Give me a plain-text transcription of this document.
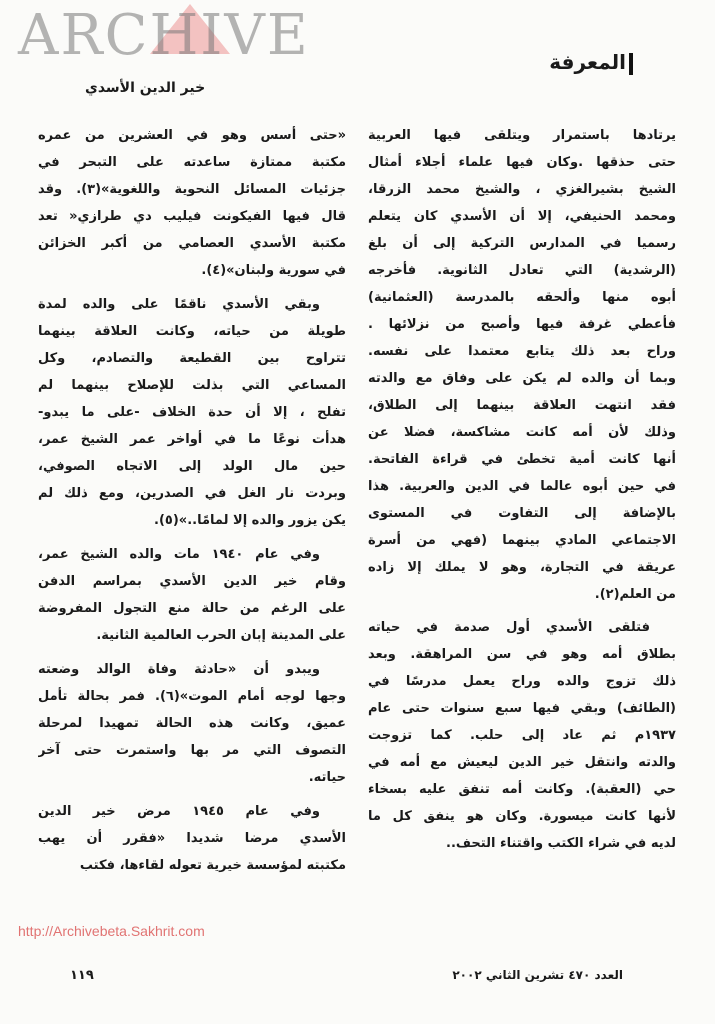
المعرفة
خير الدين الأسدي
يرتادها باستمرار ويتلقى فيها العربية
حتى حذقها .وكان فيها علماء أجلاء أمثال
الشيخ بشيرالغزي ، والشيخ محمد الزرقا،
ومحمد الحنيفي، إلا أن الأسدي كان يتعلم
رسميا في المدارس التركية إلى أن بلغ
(الرشدية) التي تعادل الثانوية. فأخرجه
أبوه منها وألحقه بالمدرسة (العثمانية)
فأعطي غرفة فيها وأصبح من نزلائها .
وراح بعد ذلك يتابع معتمدا على نفسه.
وبما أن والده لم يكن على وفاق مع والدته
فقد انتهت العلاقة بينهما إلى الطلاق،
وذلك لأن أمه كانت مشاكسة، فضلا عن
أنها كانت أمية تخطئ في قراءة الفاتحة.
في حين أبوه عالما في الدين والعربية. هذا
بالإضافة إلى التفاوت في المستوى
الاجتماعي المادي بينهما (فهي من أسرة
عريقة في التجارة، وهو لا يملك إلا زاده
من العلم(٢).
فتلقى الأسدي أول صدمة في حياته
بطلاق أمه وهو في سن المراهقة. وبعد
ذلك تزوج والده وراح يعمل مدرسًا في
(الطائف) وبقي فيها سبع سنوات حتى عام
١٩٣٧م ثم عاد إلى حلب. كما تزوجت
والدته وانتقل خير الدين ليعيش مع أمه في
حي (العقبة). وكانت أمه تنفق عليه بسخاء
لأنها كانت ميسورة. وكان هو ينفق كل ما
لديه في شراء الكتب واقتناء التحف..
«حتى أسس وهو في العشرين من عمره
مكتبة ممتازة ساعدته على التبحر في
جزئيات المسائل النحوية واللغوية»(٣). وقد
قال فيها الفيكونت فيليب دي طرازي« تعد
مكتبة الأسدي العصامي من أكبر الخزائن
في سورية ولبنان»(٤).
وبقي الأسدي ناقمًا على والده لمدة
طويلة من حياته، وكانت العلاقة بينهما
تتراوح بين القطيعة والتصادم، وكل
المساعي التي بذلت للإصلاح بينهما لم
تفلح ، إلا أن حدة الخلاف -على ما يبدو-
هدأت نوعًا ما في أواخر عمر الشيخ عمر،
حين مال الولد إلى الاتجاه الصوفي،
وبردت نار الغل في الصدرين، ومع ذلك لم
يكن يزور والده إلا لمامًا..»(٥).
وفي عام ١٩٤٠ مات والده الشيخ عمر،
وقام خير الدين الأسدي بمراسم الدفن
على الرغم من حالة منع التجول المفروضة
على المدينة إبان الحرب العالمية الثانية.
ويبدو أن «حادثة وفاة الوالد وضعته
وجها لوجه أمام الموت»(٦). فمر بحالة تأمل
عميق، وكانت هذه الحالة تمهيدا لمرحلة
التصوف التي مر بها واستمرت حتى آخر
حياته.
وفي عام ١٩٤٥ مرض خير الدين
الأسدي مرضا شديدا «فقرر أن يهب
مكتبته لمؤسسة خيرية تعوله لقاءها، فكتب
ARCHIVE
http://Archivebeta.Sakhrit.com
العدد ٤٧٠ تشرين الثاني ٢٠٠٢
١١٩
